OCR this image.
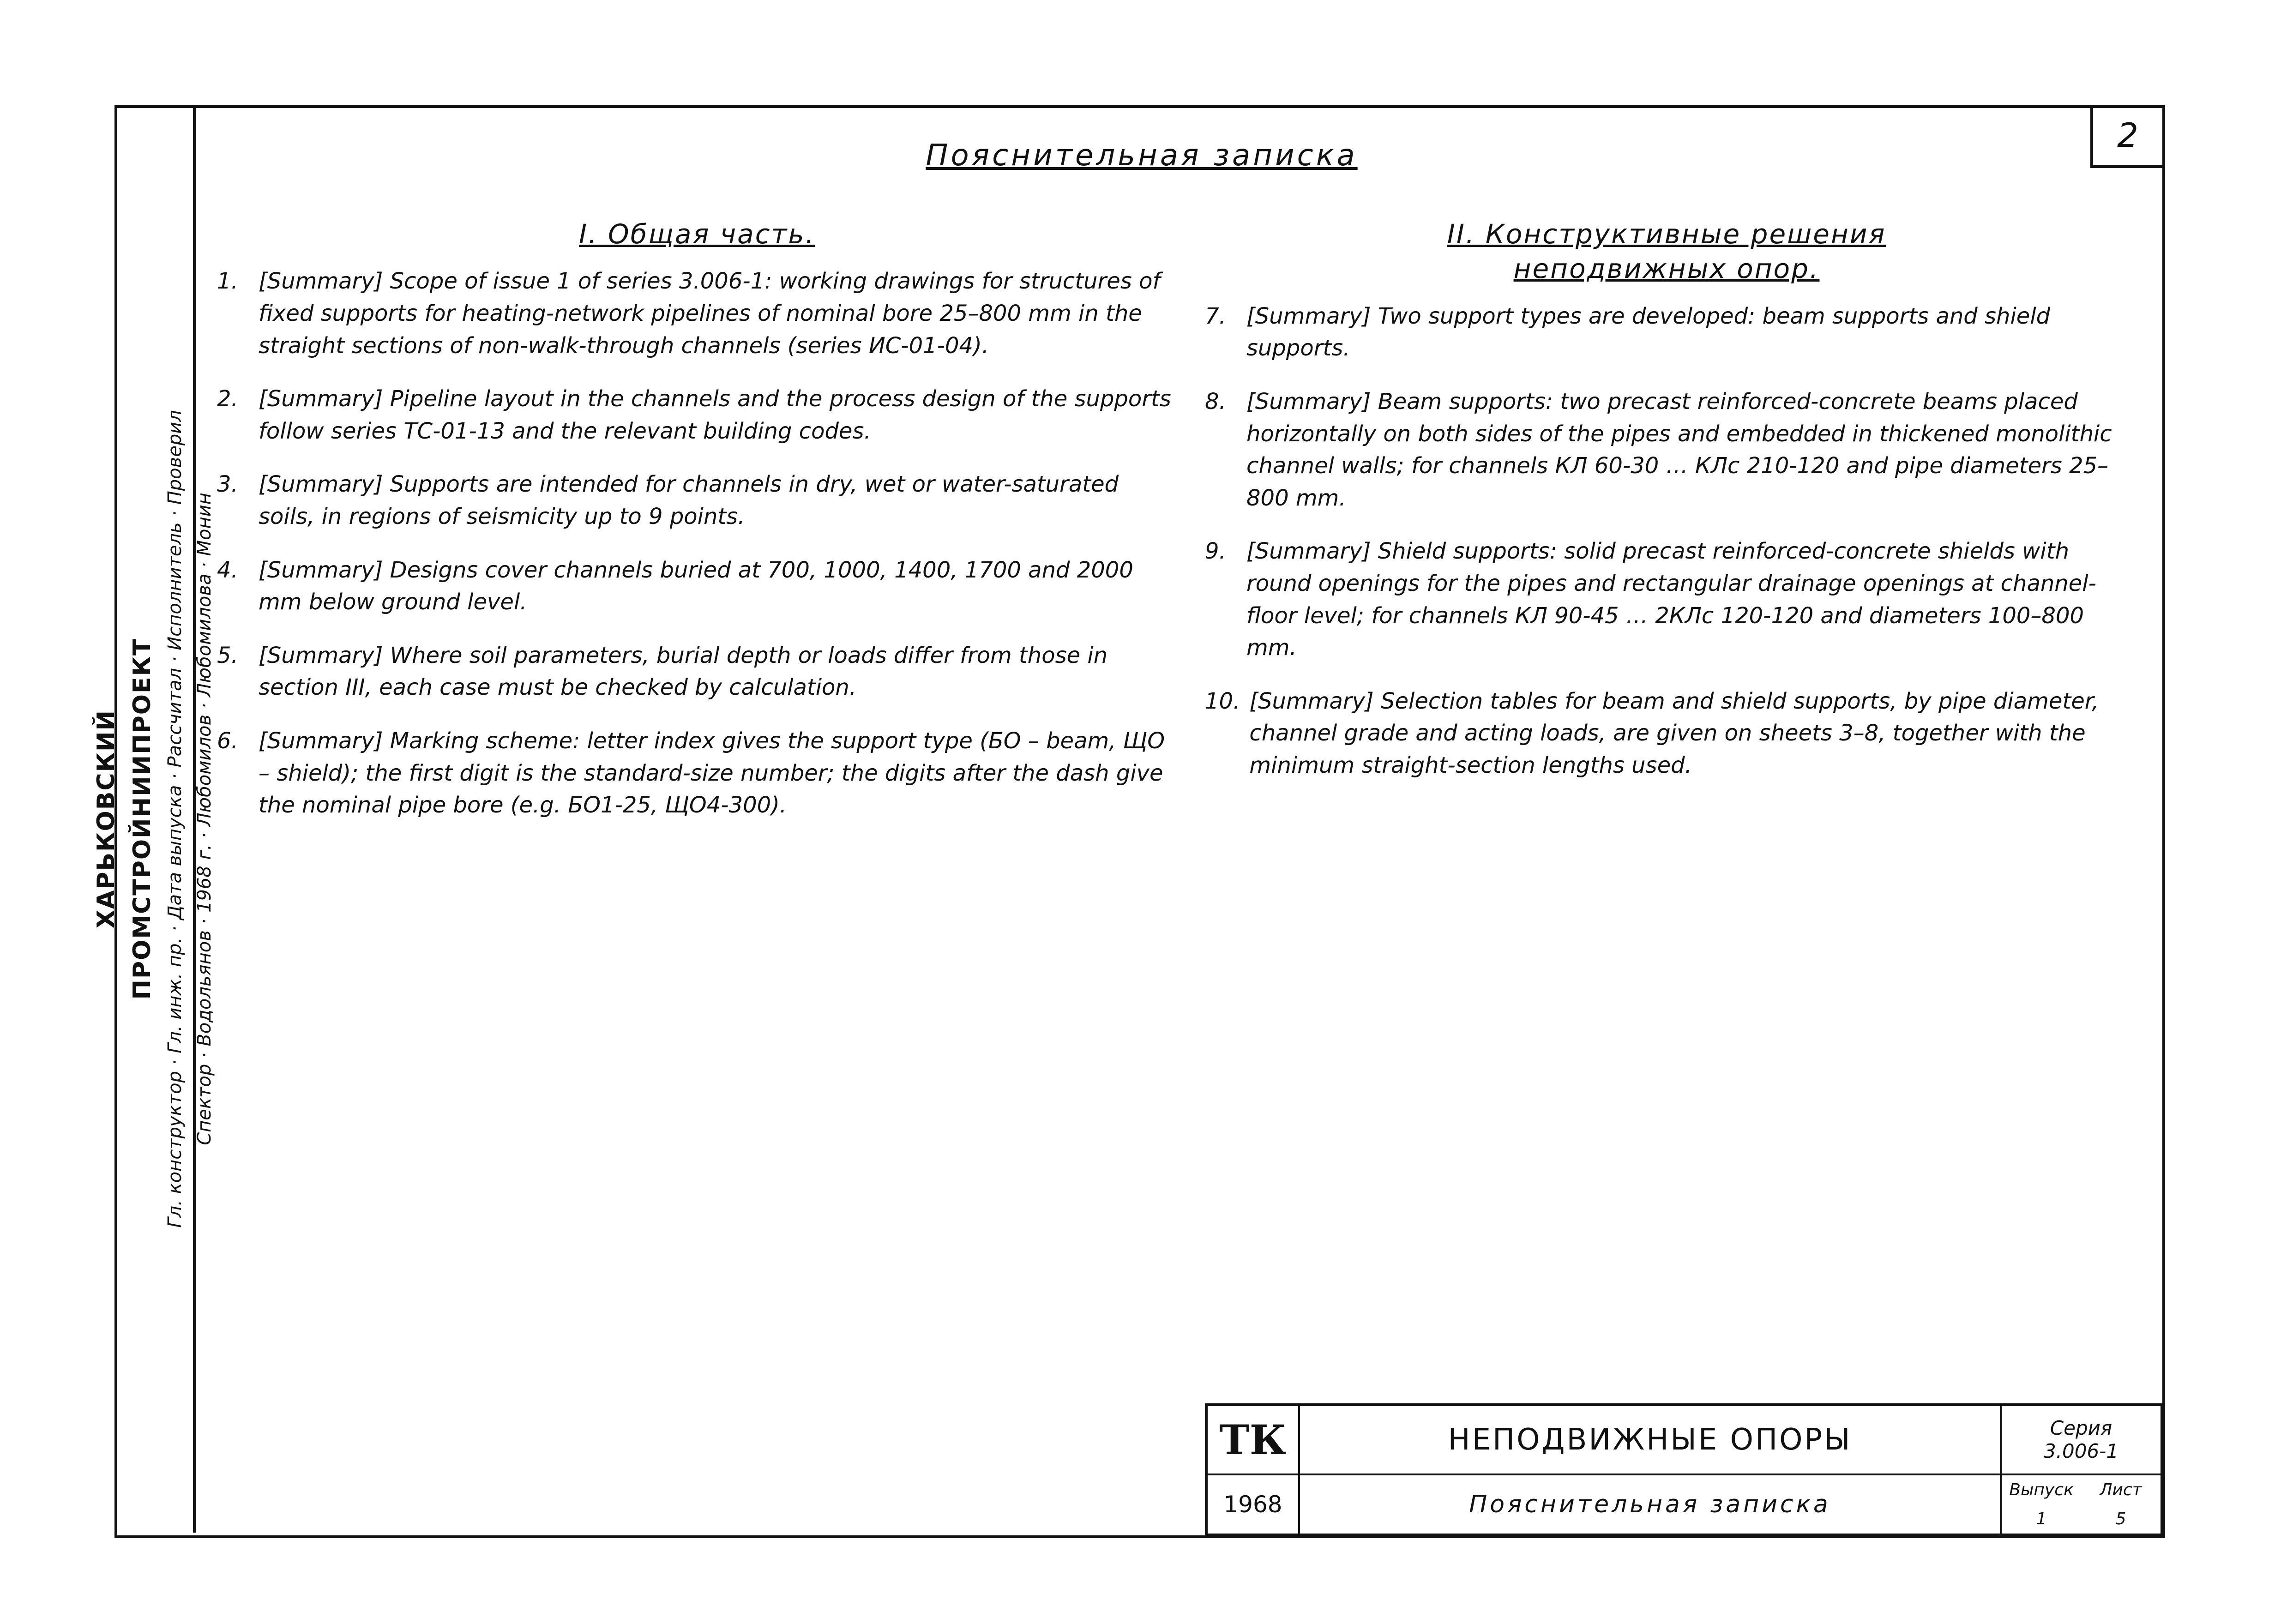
ХАРЬКОВСКИЙ ПРОМСТРОЙНИИПРОЕКТ Гл. конструктор · Гл. инж. пр. · Дата выпуска · Рассчитал · Исполнитель · Проверил Спектор · Водольянов · 1968 г. · Любомилов · Любомилова · Монин
2
Пояснительная записка
I. Общая часть.
1. [Summary] Scope of issue 1 of series 3.006-1: working drawings for structures of fixed supports for heating-network pipelines of nominal bore 25–800 mm in the straight sections of non-walk-through channels (series ИС-01-04).
2. [Summary] Pipeline layout in the channels and the process design of the supports follow series ТС-01-13 and the relevant building codes.
3. [Summary] Supports are intended for channels in dry, wet or water-saturated soils, in regions of seismicity up to 9 points.
4. [Summary] Designs cover channels buried at 700, 1000, 1400, 1700 and 2000 mm below ground level.
5. [Summary] Where soil parameters, burial depth or loads differ from those in section III, each case must be checked by calculation.
6. [Summary] Marking scheme: letter index gives the support type (БО – beam, ЩО – shield); the first digit is the standard-size number; the digits after the dash give the nominal pipe bore (e.g. БО1-25, ЩО4-300).
II. Конструктивные решения
неподвижных опор.
7. [Summary] Two support types are developed: beam supports and shield supports.
8. [Summary] Beam supports: two precast reinforced-concrete beams placed horizontally on both sides of the pipes and embedded in thickened monolithic channel walls; for channels КЛ 60-30 … КЛс 210-120 and pipe diameters 25–800 mm.
9. [Summary] Shield supports: solid precast reinforced-concrete shields with round openings for the pipes and rectangular drainage openings at channel-floor level; for channels КЛ 90-45 … 2КЛс 120-120 and diameters 100–800 mm.
10. [Summary] Selection tables for beam and shield supports, by pipe diameter, channel grade and acting loads, are given on sheets 3–8, together with the minimum straight-section lengths used.
ТК	НЕПОДВИЖНЫЕ ОПОРЫ	Серия
3.006-1
1968	Пояснительная записка
Выпуск	Лист
1	5
